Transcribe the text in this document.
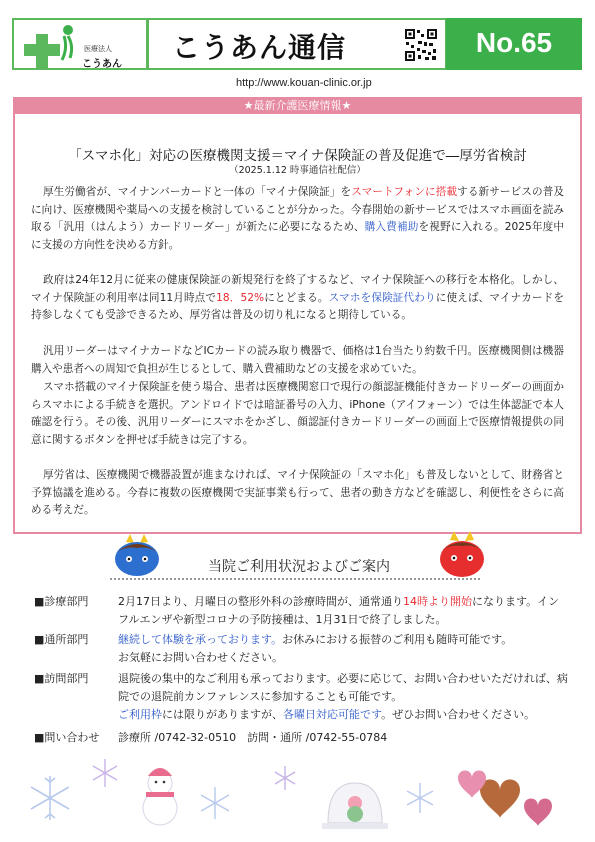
医療法人
こうあん
こうあん通信	No.65
http://www.kouan-clinic.or.jp
★最新介護医療情報★
「スマホ化」対応の医療機関支援＝マイナ保険証の普及促進で―厚労省検討
（2025.1.12 時事通信社配信）
厚生労働省が、マイナンバーカードと一体の「マイナ保険証」をスマートフォンに搭載する新サービスの普及に向け、医療機関や薬局への支援を検討していることが分かった。今春開始の新サービスではスマホ画面を読み取る「汎用（はんよう）カードリーダー」が新たに必要になるため、購入費補助を視野に入れる。2025年度中に支援の方向性を決める方針。
政府は24年12月に従来の健康保険証の新規発行を終了するなど、マイナ保険証への移行を本格化。しかし、マイナ保険証の利用率は同11月時点で18．52%にとどまる。スマホを保険証代わりに使えば、マイナカードを持参しなくても受診できるため、厚労省は普及の切り札になると期待している。
汎用リーダーはマイナカードなどICカードの読み取り機器で、価格は1台当たり約数千円。医療機関側は機器購入や患者への周知で負担が生じるとして、購入費補助などの支援を求めていた。
スマホ搭載のマイナ保険証を使う場合、患者は医療機関窓口で現行の顔認証機能付きカードリーダーの画面からスマホによる手続きを選択。アンドロイドでは暗証番号の入力、iPhone（アイフォーン）では生体認証で本人確認を行う。その後、汎用リーダーにスマホをかざし、顔認証付きカードリーダーの画面上で医療情報提供の同意に関するボタンを押せば手続きは完了する。
厚労省は、医療機関で機器設置が進まなければ、マイナ保険証の「スマホ化」も普及しないとして、財務省と予算協議を進める。今春に複数の医療機関で実証事業も行って、患者の動き方などを確認し、利便性をさらに高める考えだ。
当院ご利用状況およびご案内
■診療部門	2月17日より、月曜日の整形外科の診療時間が、通常通り14時より開始になります。インフルエンザや新型コロナの予防接種は、1月31日で終了しました。
■通所部門	継続して体験を承っております。お休みにおける振替のご利用も随時可能です。
お気軽にお問い合わせください。
■訪問部門	退院後の集中的なご利用も承っております。必要に応じて、お問い合わせいただければ、病院での退院前カンファレンスに参加することも可能です。
ご利用枠には限りがありますが、各曜日対応可能です。ぜひお問い合わせください。
■問い合わせ 診療所 /0742-32-0510　訪問・通所 /0742-55-0784
